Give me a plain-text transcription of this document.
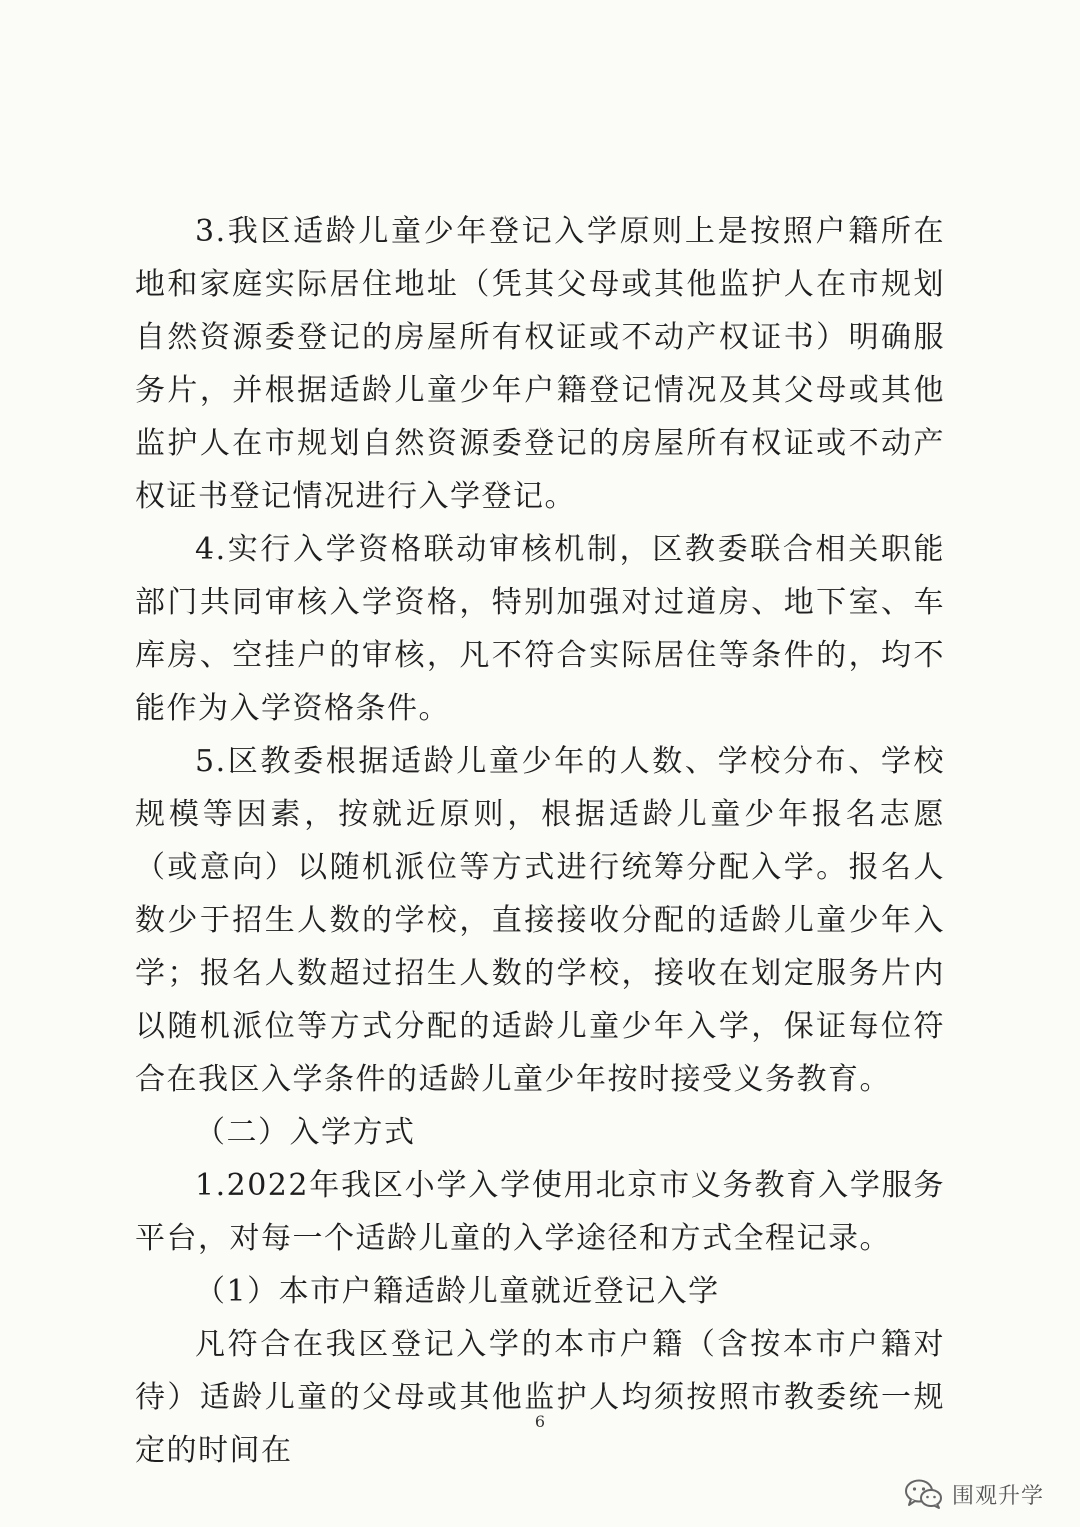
3.我区适龄儿童少年登记入学原则上是按照户籍所在地和家庭实际居住地址（凭其父母或其他监护人在市规划自然资源委登记的房屋所有权证或不动产权证书）明确服务片，并根据适龄儿童少年户籍登记情况及其父母或其他监护人在市规划自然资源委登记的房屋所有权证或不动产权证书登记情况进行入学登记。

4.实行入学资格联动审核机制，区教委联合相关职能部门共同审核入学资格，特别加强对过道房、地下室、车库房、空挂户的审核，凡不符合实际居住等条件的，均不能作为入学资格条件。

5.区教委根据适龄儿童少年的人数、学校分布、学校规模等因素，按就近原则，根据适龄儿童少年报名志愿（或意向）以随机派位等方式进行统筹分配入学。报名人数少于招生人数的学校，直接接收分配的适龄儿童少年入学；报名人数超过招生人数的学校，接收在划定服务片内以随机派位等方式分配的适龄儿童少年入学，保证每位符合在我区入学条件的适龄儿童少年按时接受义务教育。

（二）入学方式

1.2022年我区小学入学使用北京市义务教育入学服务平台，对每一个适龄儿童的入学途径和方式全程记录。

（1）本市户籍适龄儿童就近登记入学

凡符合在我区登记入学的本市户籍（含按本市户籍对待）适龄儿童的父母或其他监护人均须按照市教委统一规定的时间在

6
围观升学
